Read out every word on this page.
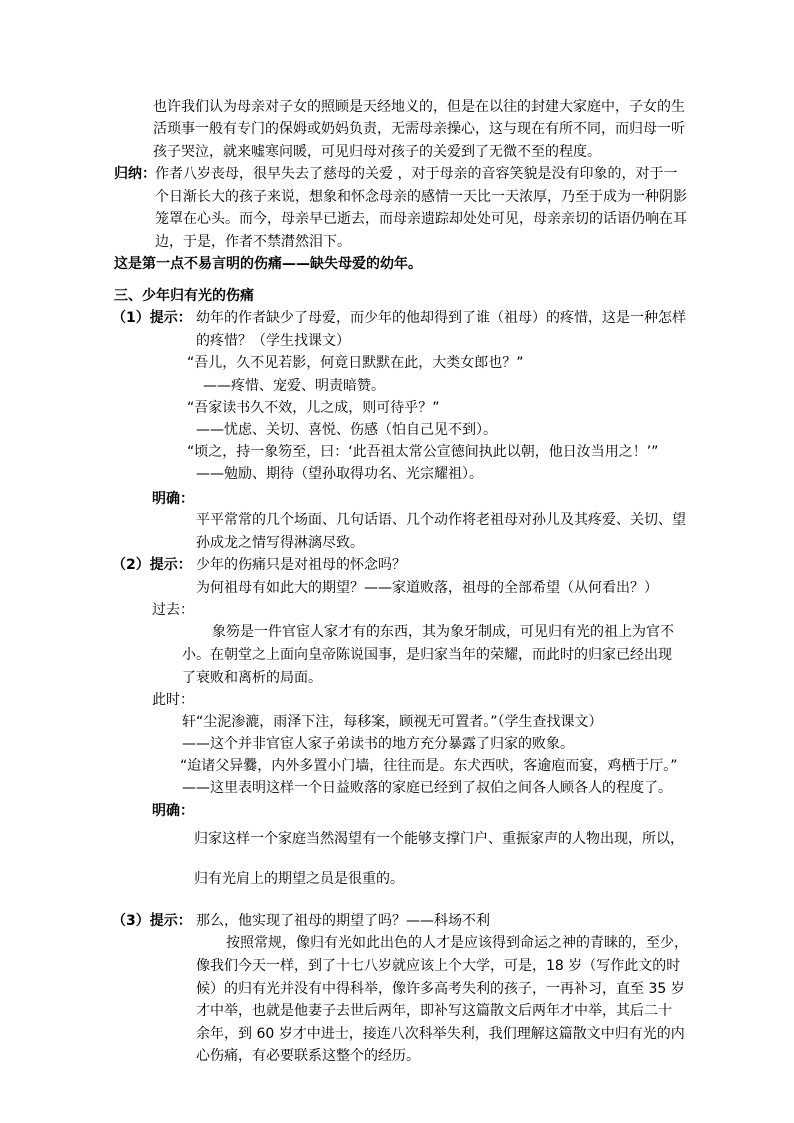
也许我们认为母亲对子女的照顾是天经地义的，但是在以往的封建大家庭中，子女的生
活琐事一般有专门的保姆或奶妈负责，无需母亲操心，这与现在有所不同，而归母一听
孩子哭泣，就来嘘寒问暖，可见归母对孩子的关爱到了无微不至的程度。
归纳： 作者八岁丧母，很早失去了慈母的关爱 ，对于母亲的音容笑貌是没有印象的，对于一
个日渐长大的孩子来说，想象和怀念母亲的感情一天比一天浓厚，乃至于成为一种阴影
笼罩在心头。而今，母亲早已逝去，而母亲遗踪却处处可见，母亲亲切的话语仍响在耳
边，于是，作者不禁潸然泪下。
这是第一点不易言明的伤痛——缺失母爱的幼年。
三、少年归有光的伤痛
（1）提示： 幼年的作者缺少了母爱，而少年的他却得到了谁（祖母）的疼惜，这是一种怎样
的疼惜？（学生找课文）
“吾儿，久不见若影，何竟日默默在此，大类女郎也？”
——疼惜、宠爱、明责暗赞。
“吾家读书久不效，儿之成，则可待乎？”
——忧虑、关切、喜悦、伤感（怕自己见不到）。
“顷之，持一象笏至，曰：‘此吾祖太常公宣德间执此以朝，他日汝当用之！’”
——勉励、期待（望孙取得功名、光宗耀祖）。
明确：
平平常常的几个场面、几句话语、几个动作将老祖母对孙儿及其疼爱、关切、望
孙成龙之情写得淋漓尽致。
（2）提示： 少年的伤痛只是对祖母的怀念吗？
为何祖母有如此大的期望？——家道败落，祖母的全部希望（从何看出？）
过去：
象笏是一件官宦人家才有的东西，其为象牙制成，可见归有光的祖上为官不
小。在朝堂之上面向皇帝陈说国事，是归家当年的荣耀，而此时的归家已经出现
了衰败和离析的局面。
此时：
轩“尘泥渗漉，雨泽下注，每移案，顾视无可置者。”（学生查找课文）
——这个并非官宦人家子弟读书的地方充分暴露了归家的败象。
“迨诸父异爨，内外多置小门墙，往往而是。东犬西吠，客逾庖而宴，鸡栖于厅。”
——这里表明这样一个日益败落的家庭已经到了叔伯之间各人顾各人的程度了。
明确：
归家这样一个家庭当然渴望有一个能够支撑门户、重振家声的人物出现，所以，
归有光肩上的期望之员是很重的。
（3）提示： 那么，他实现了祖母的期望了吗？——科场不利
按照常规，像归有光如此出色的人才是应该得到命运之神的青睐的，至少，
像我们今天一样，到了十七八岁就应该上个大学，可是，18 岁（写作此文的时
候）的归有光并没有中得科举，像许多高考失利的孩子，一再补习，直至 35 岁
才中举，也就是他妻子去世后两年，即补写这篇散文后两年才中举，其后二十
余年，到 60 岁才中进士，接连八次科举失利，我们理解这篇散文中归有光的内
心伤痛，有必要联系这整个的经历。
